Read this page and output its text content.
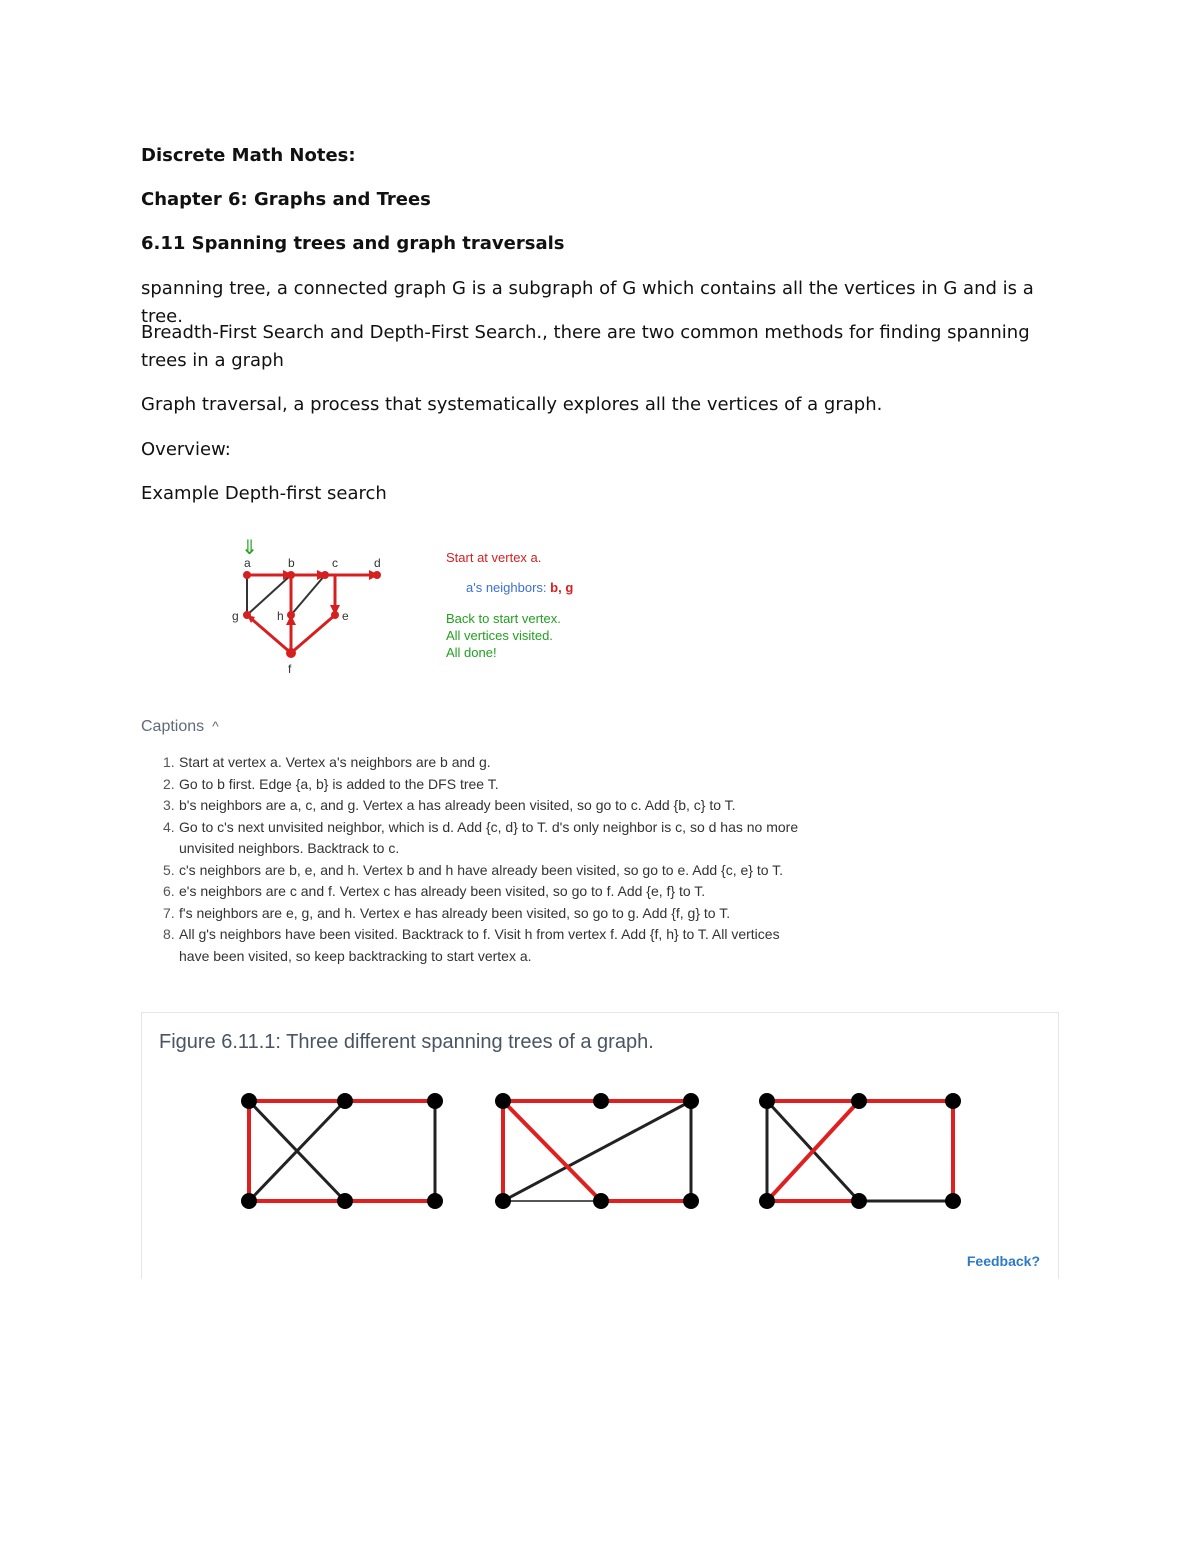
Discrete Math Notes:

Chapter 6: Graphs and Trees

6.11 Spanning trees and graph traversals

spanning tree, a connected graph G is a subgraph of G which contains all the vertices in G and is a tree.

Breadth-First Search and Depth-First Search., there are two common methods for finding spanning trees in a graph

Graph traversal, a process that systematically explores all the vertices of a graph.

Overview:

Example Depth-first search

⇓
a	b	c	d
g	h	e
f
Start at vertex a.
a's neighbors: b, g
Back to start vertex.
All vertices visited.
All done!
Captions ^
1. Start at vertex a. Vertex a's neighbors are b and g.
2. Go to b first. Edge {a, b} is added to the DFS tree T.
3. b's neighbors are a, c, and g. Vertex a has already been visited, so go to c. Add {b, c} to T.
4. Go to c's next unvisited neighbor, which is d. Add {c, d} to T. d's only neighbor is c, so d has no more unvisited neighbors. Backtrack to c.
5. c's neighbors are b, e, and h. Vertex b and h have already been visited, so go to e. Add {c, e} to T.
6. e's neighbors are c and f. Vertex c has already been visited, so go to f. Add {e, f} to T.
7. f's neighbors are e, g, and h. Vertex e has already been visited, so go to g. Add {f, g} to T.
8. All g's neighbors have been visited. Backtrack to f. Visit h from vertex f. Add {f, h} to T. All vertices have been visited, so keep backtracking to start vertex a.

Figure 6.11.1: Three different spanning trees of a graph.

Feedback?
